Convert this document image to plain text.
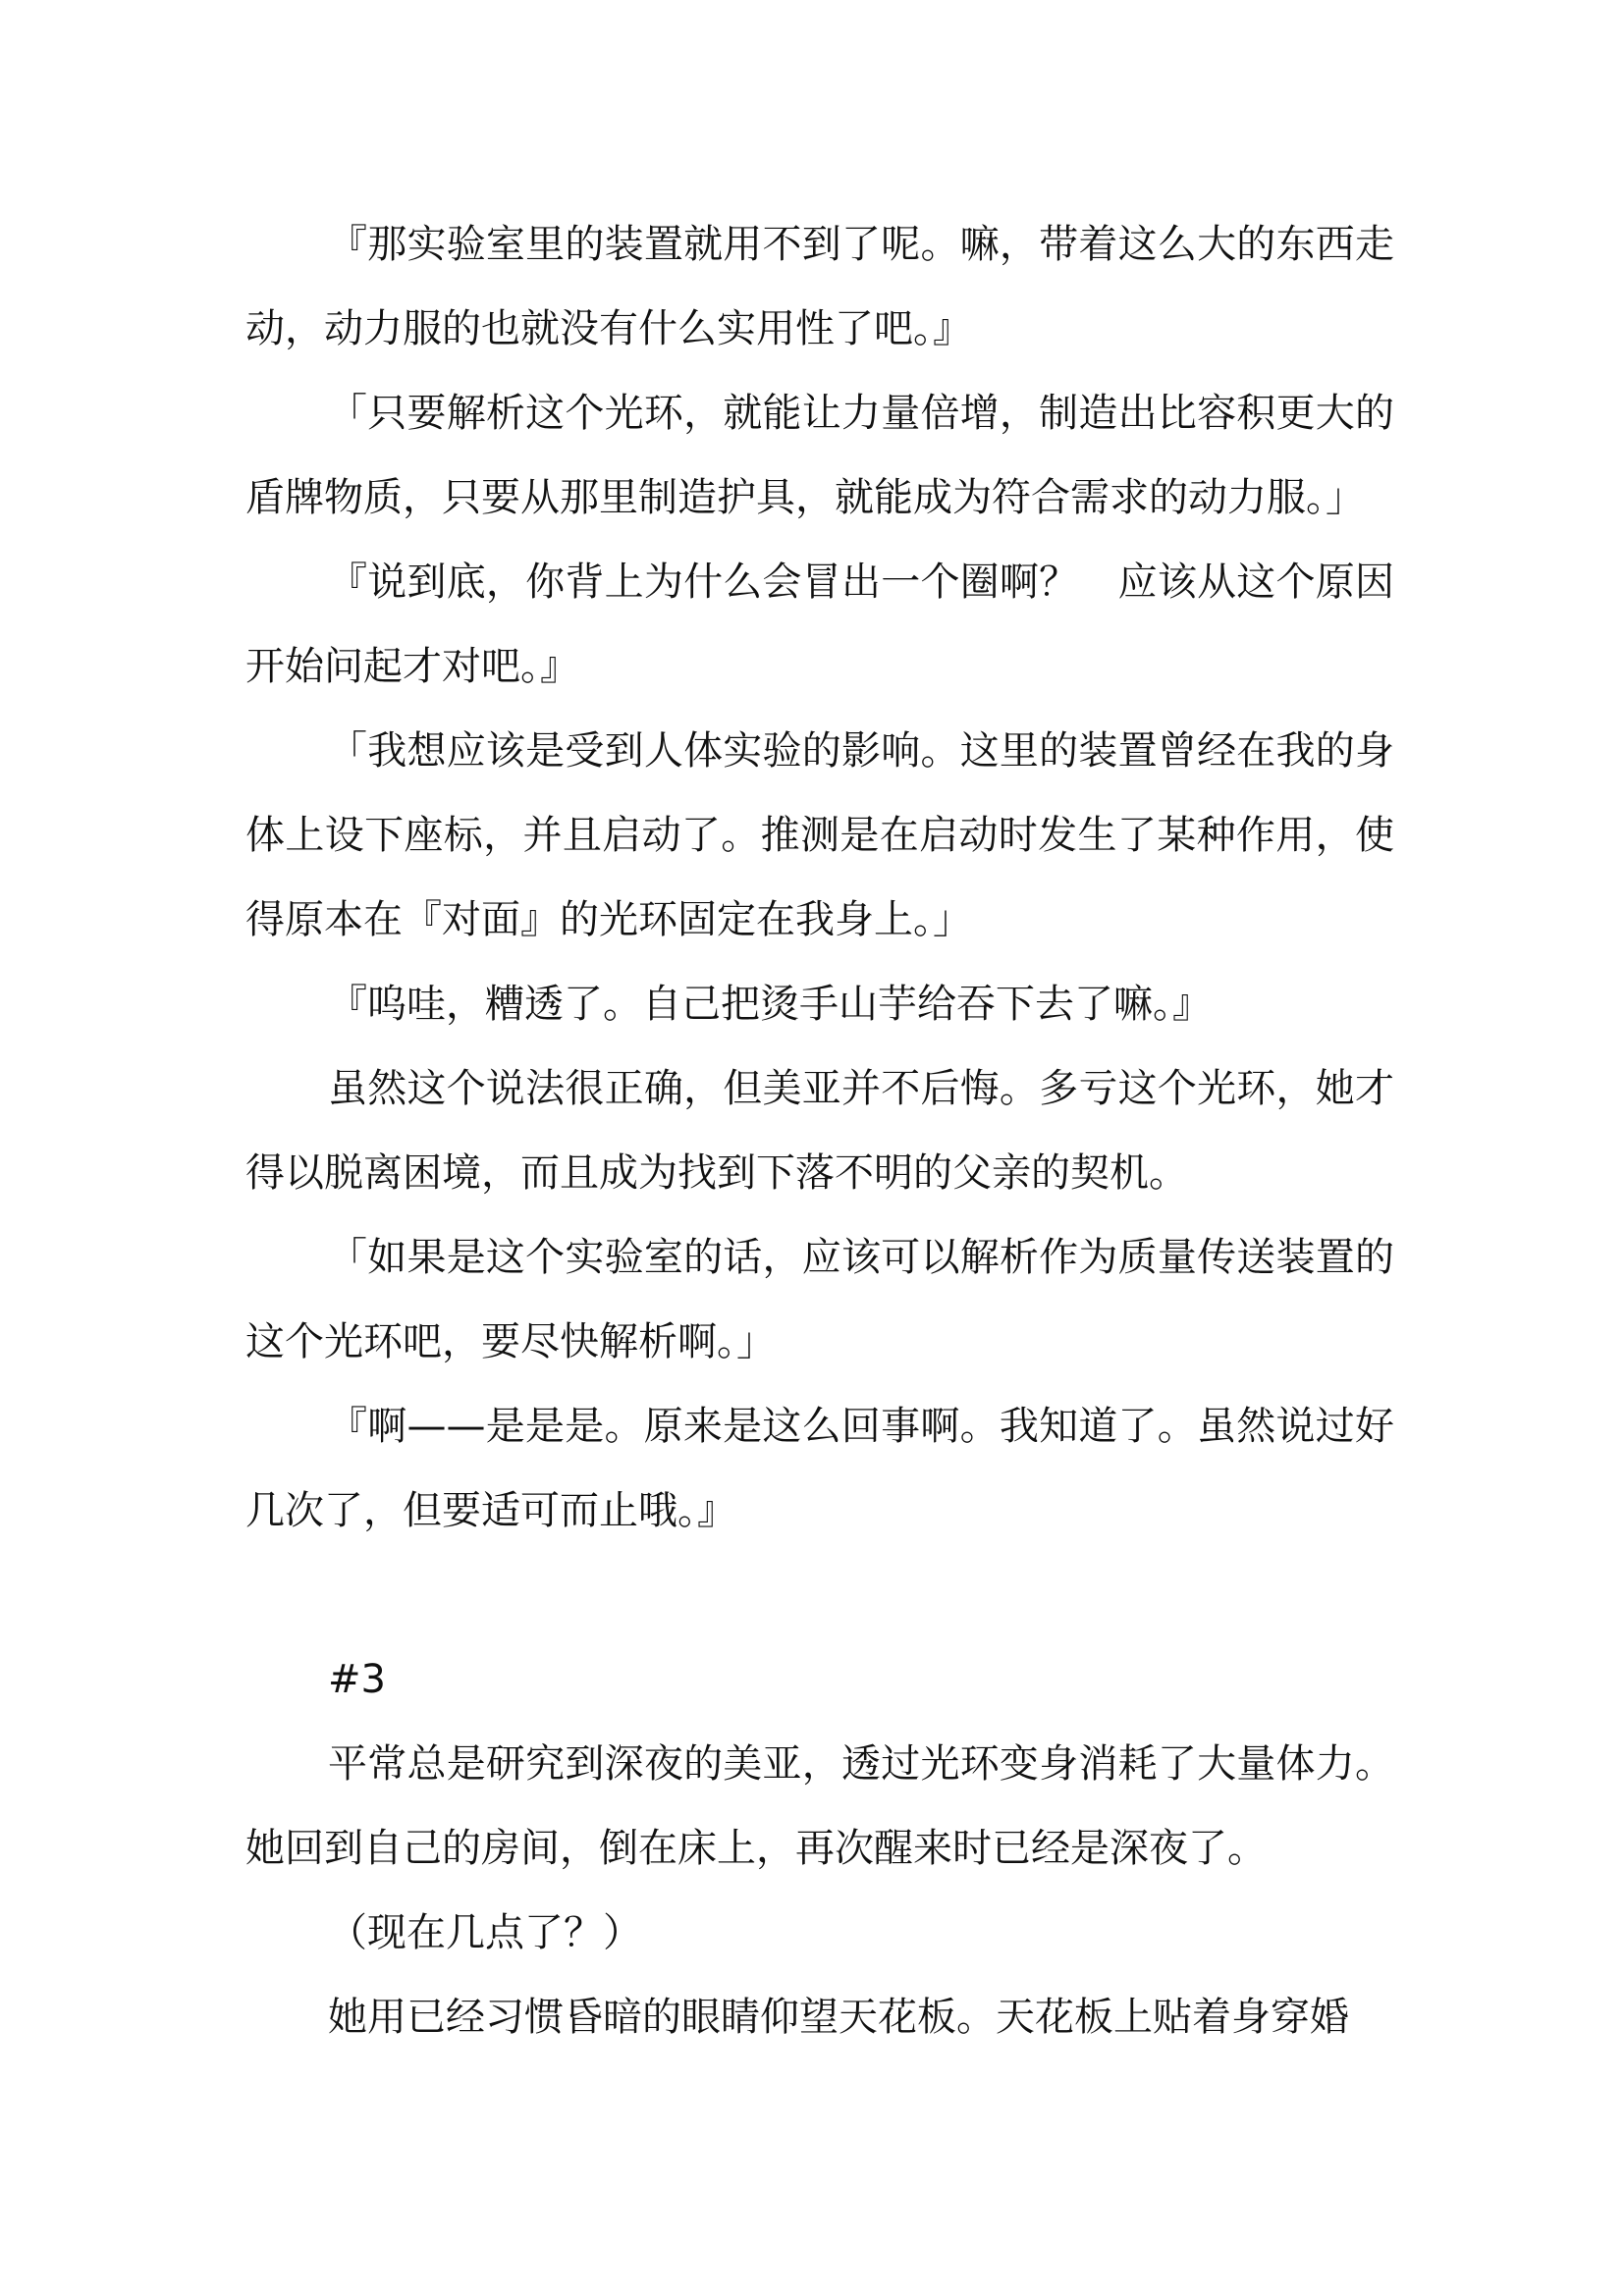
『那实验室里的装置就用不到了呢。嘛，带着这么大的东西走动，动力服的也就没有什么实用性了吧。』

「只要解析这个光环，就能让力量倍增，制造出比容积更大的盾牌物质，只要从那里制造护具，就能成为符合需求的动力服。」

『说到底，你背上为什么会冒出一个圈啊？　应该从这个原因开始问起才对吧。』

「我想应该是受到人体实验的影响。这里的装置曾经在我的身体上设下座标，并且启动了。推测是在启动时发生了某种作用，使得原本在『对面』的光环固定在我身上。」

『呜哇，糟透了。自己把烫手山芋给吞下去了嘛。』

虽然这个说法很正确，但美亚并不后悔。多亏这个光环，她才得以脱离困境，而且成为找到下落不明的父亲的契机。

「如果是这个实验室的话，应该可以解析作为质量传送装置的这个光环吧，要尽快解析啊。」

『啊——是是是。原来是这么回事啊。我知道了。虽然说过好几次了，但要适可而止哦。』

#3

平常总是研究到深夜的美亚，透过光环变身消耗了大量体力。她回到自己的房间，倒在床上，再次醒来时已经是深夜了。

（现在几点了？）

她用已经习惯昏暗的眼睛仰望天花板。天花板上贴着身穿婚
